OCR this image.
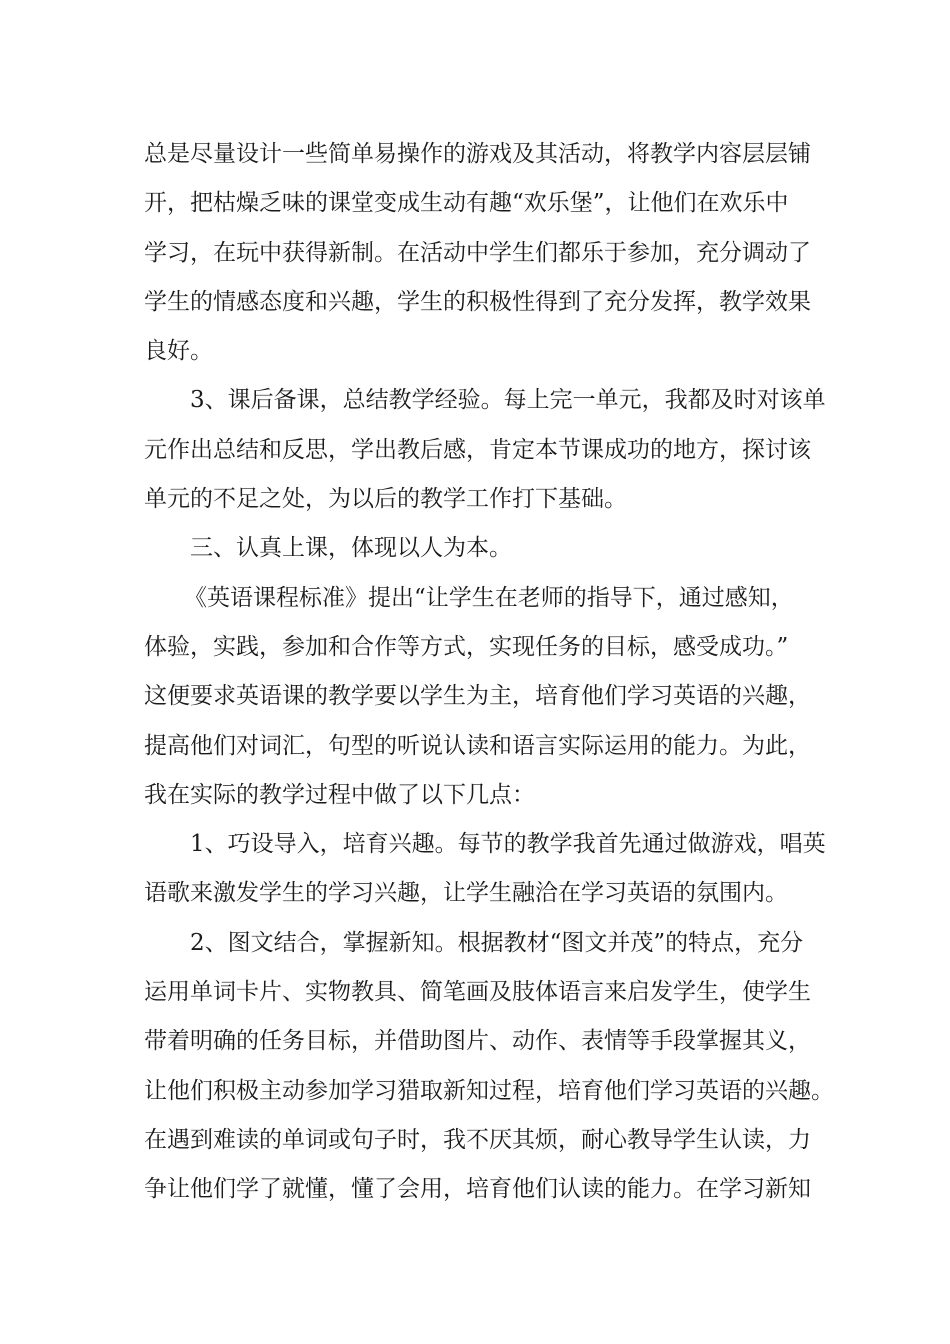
总是尽量设计一些简单易操作的游戏及其活动，将教学内容层层铺
开，把枯燥乏味的课堂变成生动有趣“欢乐堡”，让他们在欢乐中
学习，在玩中获得新制。在活动中学生们都乐于参加，充分调动了
学生的情感态度和兴趣，学生的积极性得到了充分发挥，教学效果
良好。
3、课后备课，总结教学经验。每上完一单元，我都及时对该单
元作出总结和反思，学出教后感，肯定本节课成功的地方，探讨该
单元的不足之处，为以后的教学工作打下基础。
三、认真上课，体现以人为本。
《英语课程标准》提出“让学生在老师的指导下，通过感知，
体验，实践，参加和合作等方式，实现任务的目标，感受成功。”
这便要求英语课的教学要以学生为主，培育他们学习英语的兴趣，
提高他们对词汇，句型的听说认读和语言实际运用的能力。为此，
我在实际的教学过程中做了以下几点：
1、巧设导入，培育兴趣。每节的教学我首先通过做游戏，唱英
语歌来激发学生的学习兴趣，让学生融洽在学习英语的氛围内。
2、图文结合，掌握新知。根据教材“图文并茂”的特点，充分
运用单词卡片、实物教具、简笔画及肢体语言来启发学生，使学生
带着明确的任务目标，并借助图片、动作、表情等手段掌握其义，
让他们积极主动参加学习猎取新知过程，培育他们学习英语的兴趣。
在遇到难读的单词或句子时，我不厌其烦，耐心教导学生认读，力
争让他们学了就懂，懂了会用，培育他们认读的能力。在学习新知
